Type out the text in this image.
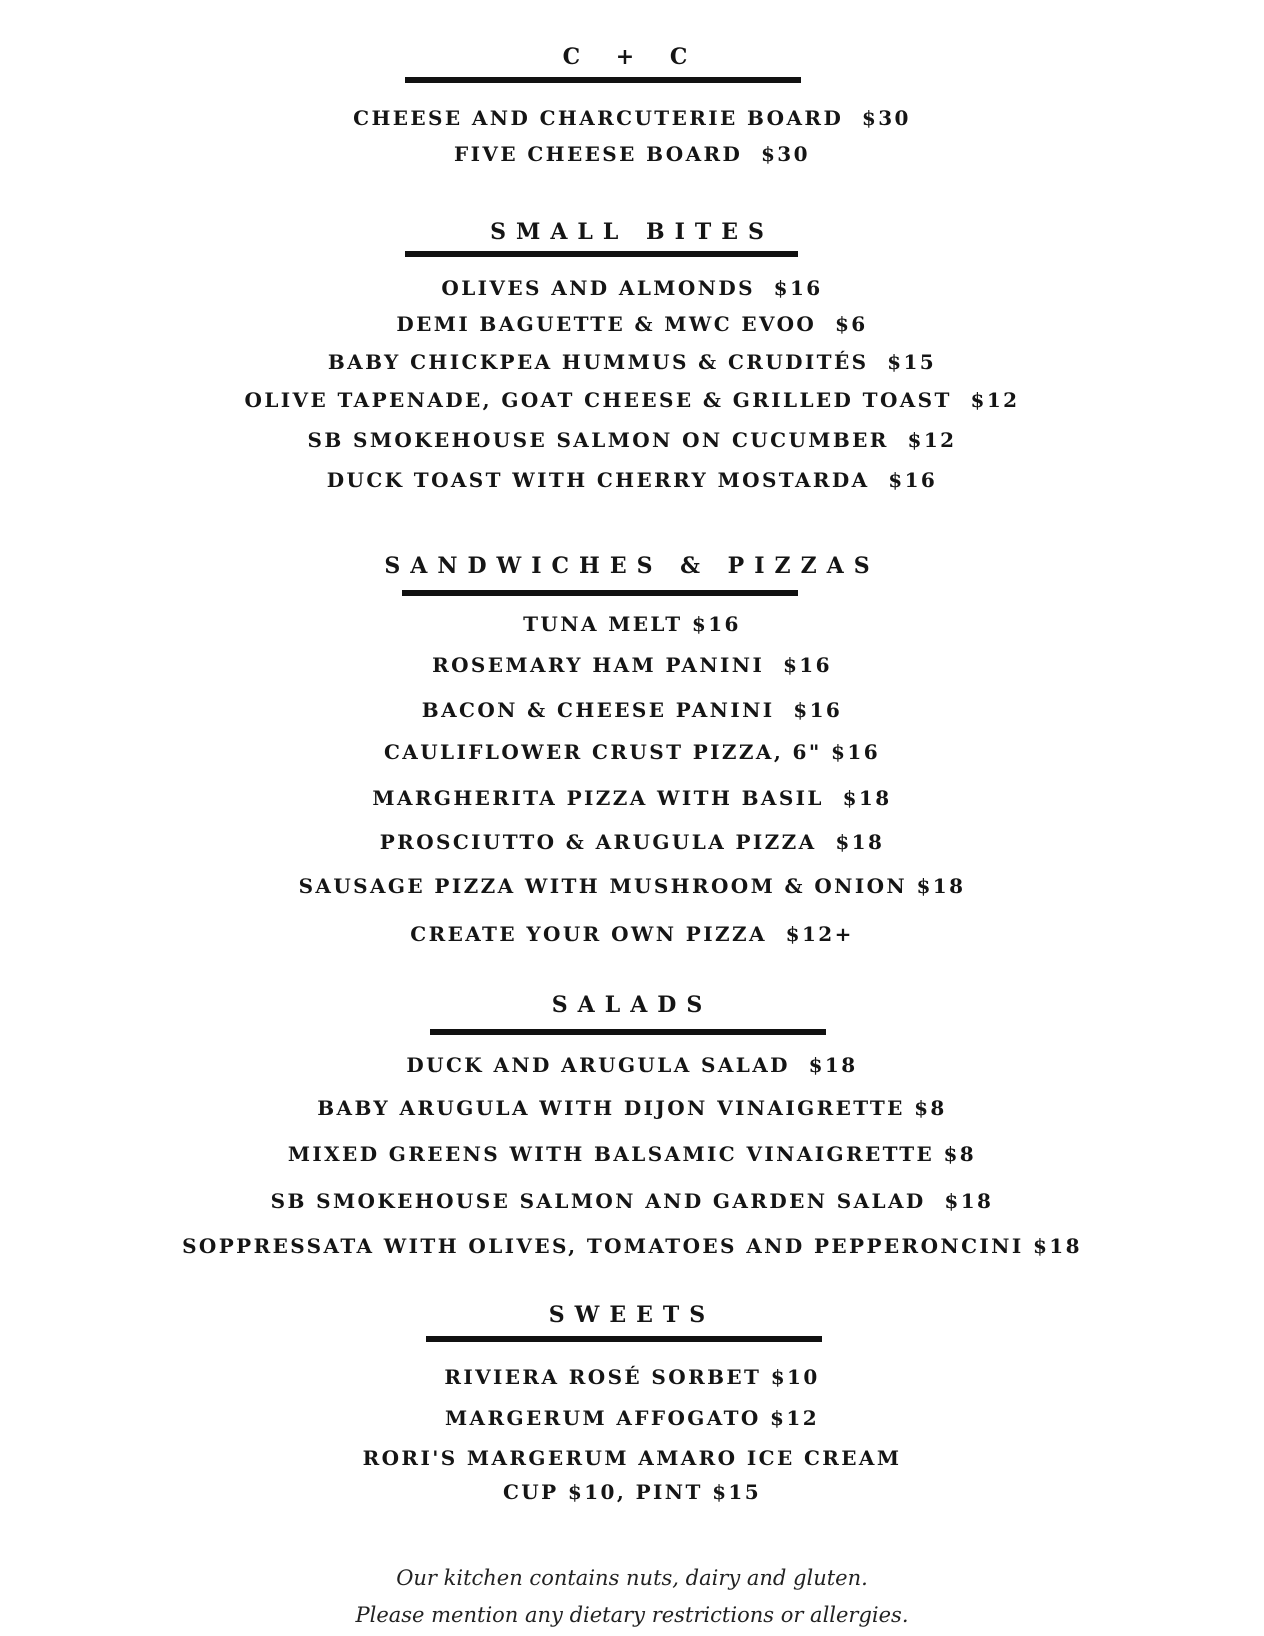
C + C
CHEESE AND CHARCUTERIE BOARD  $30
FIVE CHEESE BOARD  $30
SMALL BITES
OLIVES AND ALMONDS  $16
DEMI BAGUETTE & MWC EVOO  $6
BABY CHICKPEA HUMMUS & CRUDITÉS  $15
OLIVE TAPENADE, GOAT CHEESE & GRILLED TOAST  $12
SB SMOKEHOUSE SALMON ON CUCUMBER  $12
DUCK TOAST WITH CHERRY MOSTARDA  $16
SANDWICHES & PIZZAS
TUNA MELT $16
ROSEMARY HAM PANINI  $16
BACON & CHEESE PANINI  $16
CAULIFLOWER CRUST PIZZA, 6" $16
MARGHERITA PIZZA WITH BASIL  $18
PROSCIUTTO & ARUGULA PIZZA  $18
SAUSAGE PIZZA WITH MUSHROOM & ONION $18
CREATE YOUR OWN PIZZA  $12+
SALADS
DUCK AND ARUGULA SALAD  $18
BABY ARUGULA WITH DIJON VINAIGRETTE $8
MIXED GREENS WITH BALSAMIC VINAIGRETTE $8
SB SMOKEHOUSE SALMON AND GARDEN SALAD  $18
SOPPRESSATA WITH OLIVES, TOMATOES AND PEPPERONCINI $18
SWEETS
RIVIERA ROSÉ SORBET $10
MARGERUM AFFOGATO $12
RORI'S MARGERUM AMARO ICE CREAM
CUP $10, PINT $15
Our kitchen contains nuts, dairy and gluten.
Please mention any dietary restrictions or allergies.
